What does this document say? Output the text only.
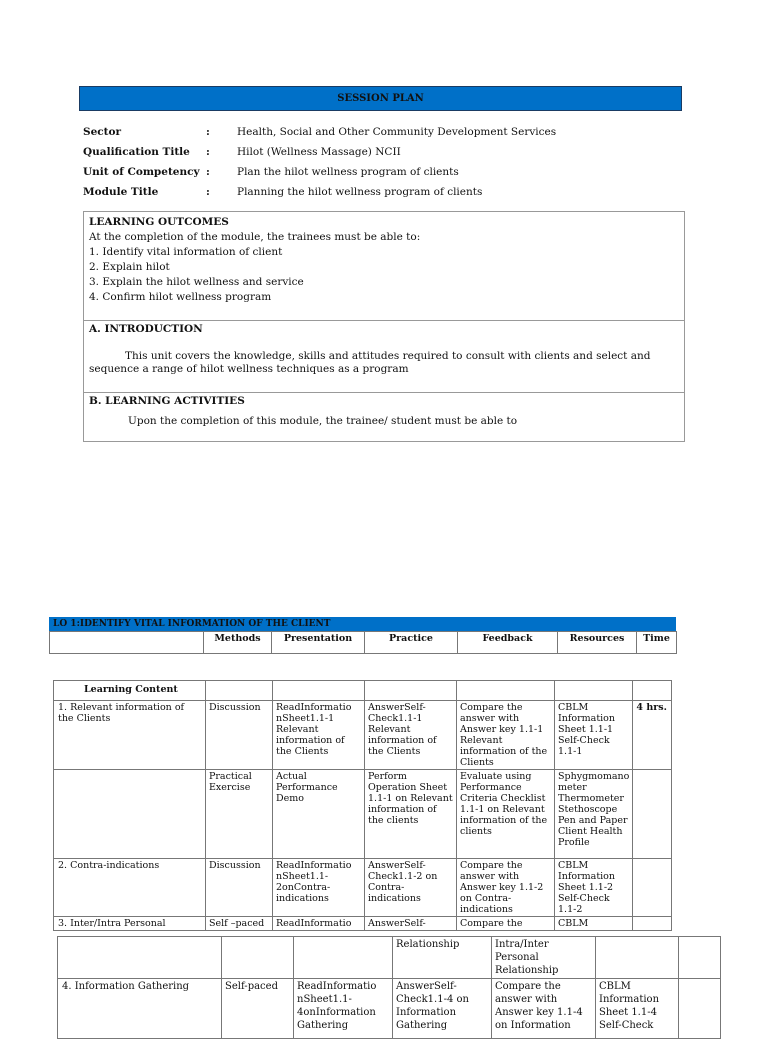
SESSION PLAN
Sector	:	Health, Social and Other Community Development Services
Qualification Title :	Hilot (Wellness Massage) NCII
Unit of Competency :	Plan the hilot wellness program of clients
Module Title	:	Planning the hilot wellness program of clients
LEARNING OUTCOMES
At the completion of the module, the trainees must be able to:
1. Identify vital information of client
2. Explain hilot
3. Explain the hilot wellness and service
4. Confirm hilot wellness program
A. INTRODUCTION
This unit covers the knowledge, skills and attitudes required to consult with clients and select and sequence a range of hilot wellness techniques as a program
B. LEARNING ACTIVITIES
Upon the completion of this module, the trainee/ student must be able to
LO 1:IDENTIFY VITAL INFORMATION OF THE CLIENT
	Methods	Presentation	Practice	Feedback	Resources	Time
Learning Content						
1. Relevant information of the Clients	Discussion	ReadInformatio nSheet1.1-1 Relevant information of the Clients	AnswerSelf-Check1.1-1 Relevant information of the Clients	Compare the answer with Answer key 1.1-1 Relevant information of the Clients	CBLM Information Sheet 1.1-1 Self-Check 1.1-1	4 hrs.
	Practical Exercise	Actual Performance Demo	Perform Operation Sheet 1.1-1 on Relevant information of the clients	Evaluate using Performance Criteria Checklist 1.1-1 on Relevant information of the clients	Sphygmomano meter Thermometer Stethoscope Pen and Paper Client Health Profile	
2. Contra-indications	Discussion	ReadInformatio nSheet1.1-2onContra-indications	AnswerSelf-Check1.1-2 on Contra-indications	Compare the answer with Answer key 1.1-2 on Contra-indications	CBLM Information Sheet 1.1-2 Self-Check 1.1-2	
3. Inter/Intra Personal	Self –paced	ReadInformatio	AnswerSelf-	Compare the	CBLM	
			Relationship	Intra/Inter Personal Relationship		
4. Information Gathering	Self-paced	ReadInformatio nSheet1.1-4onInformation Gathering	AnswerSelf-Check1.1-4 on Information Gathering	Compare the answer with Answer key 1.1-4 on Information	CBLM Information Sheet 1.1-4 Self-Check	
